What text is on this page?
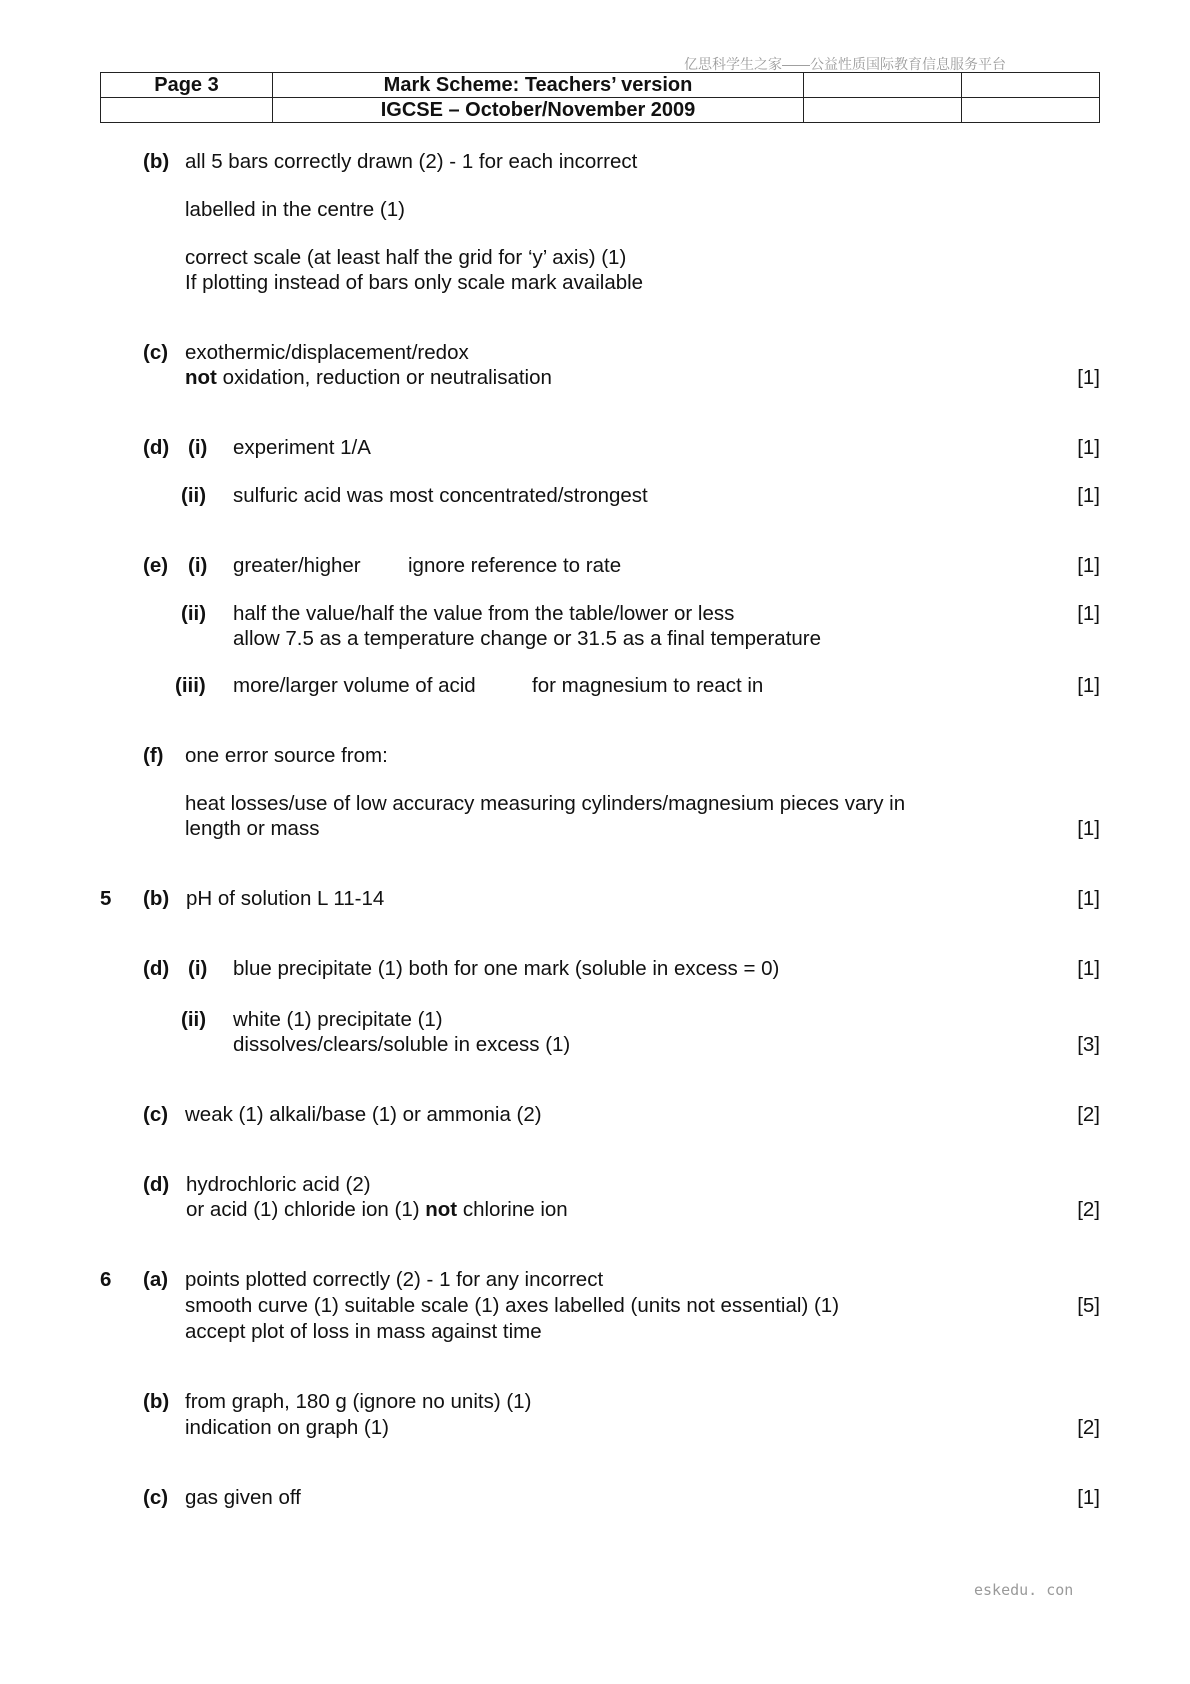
亿思科学生之家——公益性质国际教育信息服务平台
Page 3	Mark Scheme: Teachers’ version		
	IGCSE – October/November 2009		
(b) all 5 bars correctly drawn (2) - 1 for each incorrect
labelled in the centre (1)
correct scale (at least half the grid for ‘y’ axis) (1)
If plotting instead of bars only scale mark available
(c) exothermic/displacement/redox
not oxidation, reduction or neutralisation	[1]
(d) (i) experiment 1/A	[1]
(ii) sulfuric acid was most concentrated/strongest	[1]
(e) (i) greater/higher ignore reference to rate	[1]
(ii) half the value/half the value from the table/lower or less
allow 7.5 as a temperature change or 31.5 as a final temperature
[1]
(iii) more/larger volume of acid	for magnesium to react in	[1]
(f) one error source from:
heat losses/use of low accuracy measuring cylinders/magnesium pieces vary in
length or mass	[1]
5 (b) pH of solution L 11-14	[1]
(d) (i) blue precipitate (1) both for one mark (soluble in excess = 0)	[1]
(ii) white (1) precipitate (1)
dissolves/clears/soluble in excess (1)	[3]
(c) weak (1) alkali/base (1) or ammonia (2)	[2]
(d) hydrochloric acid (2)
or acid (1) chloride ion (1) not chlorine ion	[2]
6 (a) points plotted correctly (2) - 1 for any incorrect
smooth curve (1) suitable scale (1) axes labelled (units not essential) (1)
accept plot of loss in mass against time
[5]
(b) from graph, 180 g (ignore no units) (1)
indication on graph (1)	[2]
(c) gas given off	[1]
eskedu. con
